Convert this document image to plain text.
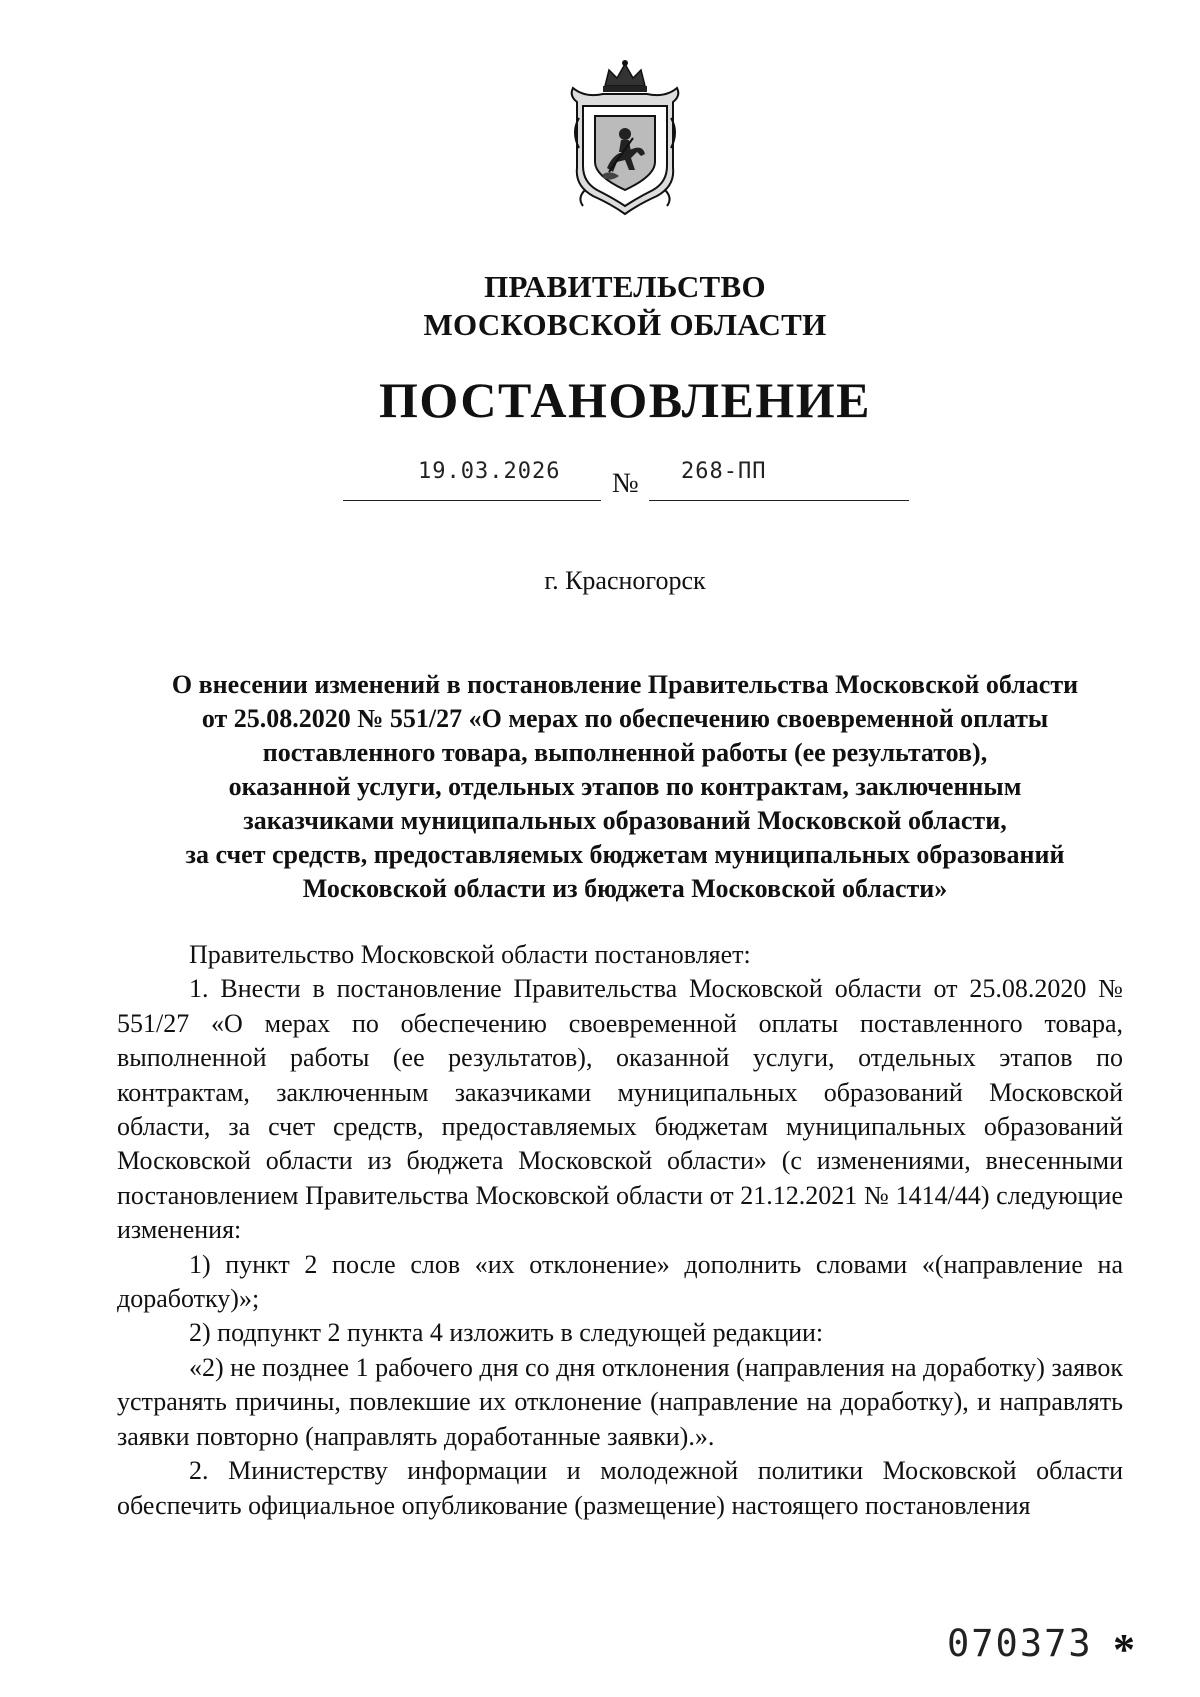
ПРАВИТЕЛЬСТВО
МОСКОВСКОЙ ОБЛАСТИ
ПОСТАНОВЛЕНИЕ
19.03.2026 № 268-ПП
г. Красногорск
О внесении изменений в постановление Правительства Московской области
от 25.08.2020 № 551/27 «О мерах по обеспечению своевременной оплаты
поставленного товара, выполненной работы (ее результатов),
оказанной услуги, отдельных этапов по контрактам, заключенным
заказчиками муниципальных образований Московской области,
за счет средств, предоставляемых бюджетам муниципальных образований
Московской области из бюджета Московской области»

Правительство Московской области постановляет:

1. Внести в постановление Правительства Московской области от 25.08.2020 № 551/27 «О мерах по обеспечению своевременной оплаты поставленного товара, выполненной работы (ее результатов), оказанной услуги, отдельных этапов по контрактам, заключенным заказчиками муниципальных образований Московской области, за счет средств, предоставляемых бюджетам муниципальных образований Московской области из бюджета Московской области» (с изменениями, внесенными постановлением Правительства Московской области от 21.12.2021 № 1414/44) следующие изменения:

1) пункт 2 после слов «их отклонение» дополнить словами «(направление на доработку)»;

2) подпункт 2 пункта 4 изложить в следующей редакции:

«2) не позднее 1 рабочего дня со дня отклонения (направления на доработку) заявок устранять причины, повлекшие их отклонение (направление на доработку), и направлять заявки повторно (направлять доработанные заявки).».

2. Министерству информации и молодежной политики Московской области обеспечить официальное опубликование (размещение) настоящего постановления

070373 *
